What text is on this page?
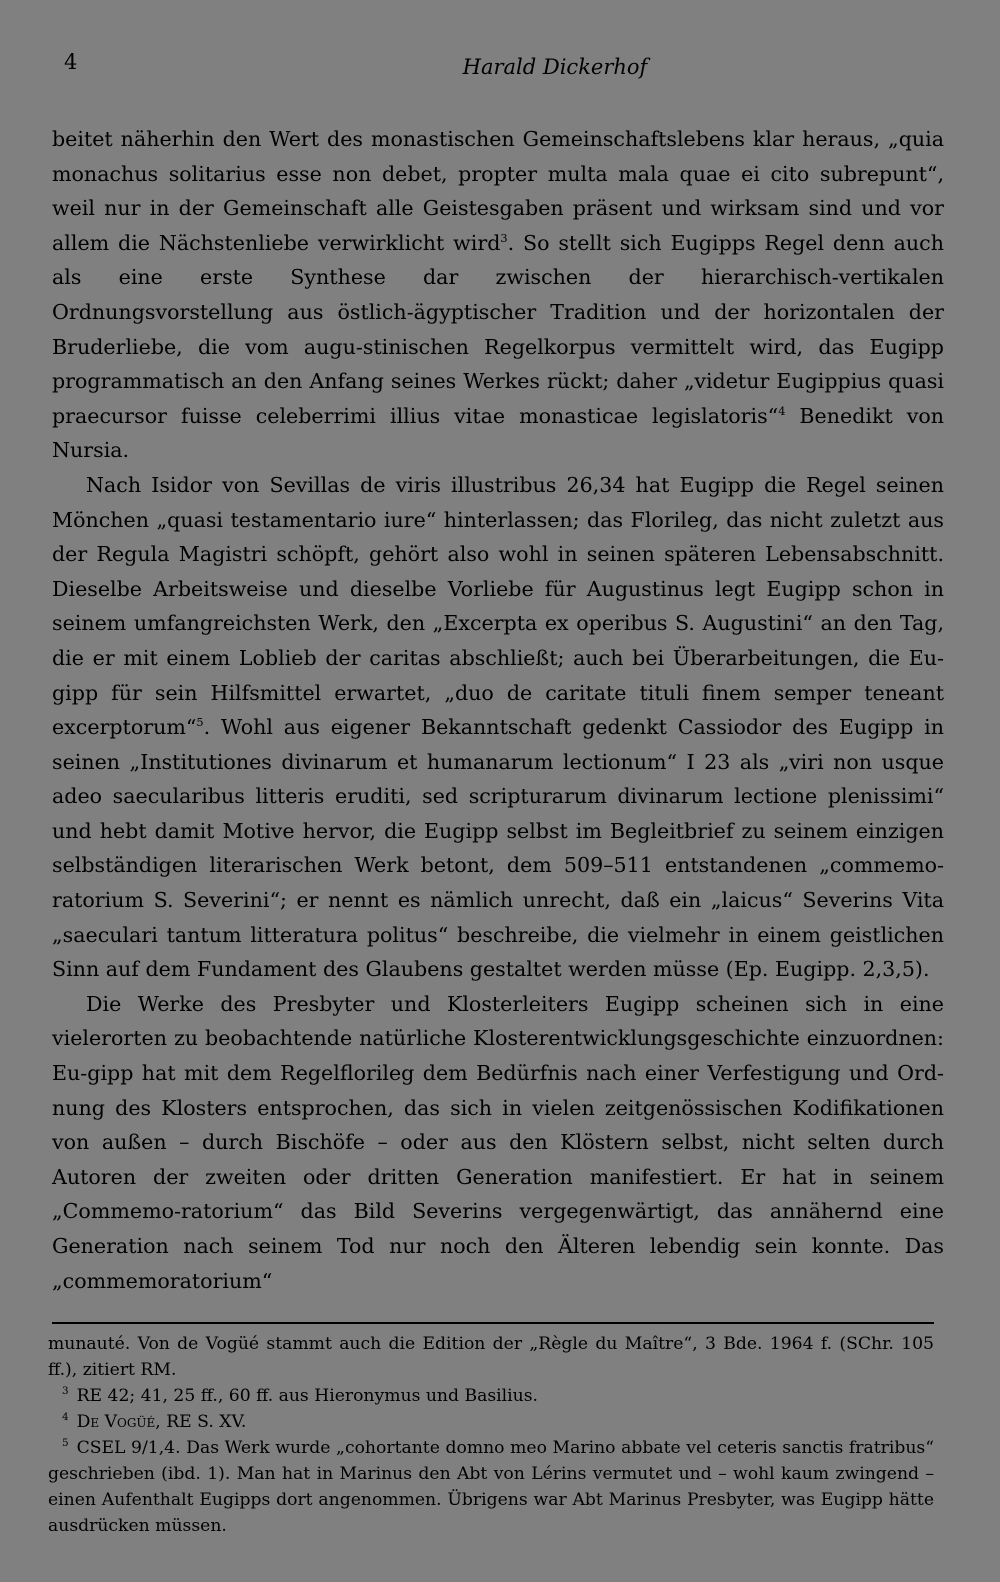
4	Harald Dickerhof

beitet näherhin den Wert des monastischen Gemeinschaftslebens klar heraus, „quia monachus solitarius esse non debet, propter multa mala quae ei cito subrepunt“, weil nur in der Gemeinschaft alle Geistesgaben präsent und wirksam sind und vor allem die Nächstenliebe verwirklicht wird$^3$. So stellt sich Eugipps Regel denn auch als eine erste Synthese dar zwischen der hierarchisch-vertikalen Ordnungsvorstellung aus östlich-ägyptischer Tradition und der horizontalen der Bruderliebe, die vom augu-stinischen Regelkorpus vermittelt wird, das Eugipp programmatisch an den Anfang seines Werkes rückt; daher „videtur Eugippius quasi praecursor fuisse celeberrimi illius vitae monasticae legislatoris“$^4$ Benedikt von Nursia.

Nach Isidor von Sevillas de viris illustribus 26,34 hat Eugipp die Regel seinen Mönchen „quasi testamentario iure“ hinterlassen; das Florileg, das nicht zuletzt aus der Regula Magistri schöpft, gehört also wohl in seinen späteren Lebensabschnitt. Dieselbe Arbeitsweise und dieselbe Vorliebe für Augustinus legt Eugipp schon in seinem umfangreichsten Werk, den „Excerpta ex operibus S. Augustini“ an den Tag, die er mit einem Loblieb der caritas abschließt; auch bei Überarbeitungen, die Eu-gipp für sein Hilfsmittel erwartet, „duo de caritate tituli finem semper teneant excerptorum“$^5$. Wohl aus eigener Bekanntschaft gedenkt Cassiodor des Eugipp in seinen „Institutiones divinarum et humanarum lectionum“ I 23 als „viri non usque adeo saecularibus litteris eruditi, sed scripturarum divinarum lectione plenissimi“ und hebt damit Motive hervor, die Eugipp selbst im Begleitbrief zu seinem einzigen selbständigen literarischen Werk betont, dem 509–511 entstandenen „commemo-ratorium S. Severini“; er nennt es nämlich unrecht, daß ein „laicus“ Severins Vita „saeculari tantum litteratura politus“ beschreibe, die vielmehr in einem geistlichen Sinn auf dem Fundament des Glaubens gestaltet werden müsse (Ep. Eugipp. 2,3,5).

Die Werke des Presbyter und Klosterleiters Eugipp scheinen sich in eine vielerorten zu beobachtende natürliche Klosterentwicklungsgeschichte einzuordnen: Eu-gipp hat mit dem Regelflorileg dem Bedürfnis nach einer Verfestigung und Ord-nung des Klosters entsprochen, das sich in vielen zeitgenössischen Kodifikationen von außen – durch Bischöfe – oder aus den Klöstern selbst, nicht selten durch Autoren der zweiten oder dritten Generation manifestiert. Er hat in seinem „Commemo-ratorium“ das Bild Severins vergegenwärtigt, das annähernd eine Generation nach seinem Tod nur noch den Älteren lebendig sein konnte. Das „commemoratorium“

munauté. Von de Vogüé stammt auch die Edition der „Règle du Maître“, 3 Bde. 1964 f. (SChr. 105 ff.), zitiert RM.

$^3$ RE 42; 41, 25 ff., 60 ff. aus Hieronymus und Basilius.

$^4$ De Vogüé, RE S. XV.

$^5$ CSEL 9/1,4. Das Werk wurde „cohortante domno meo Marino abbate vel ceteris sanctis fratribus“ geschrieben (ibd. 1). Man hat in Marinus den Abt von Lérins vermutet und – wohl kaum zwingend – einen Aufenthalt Eugipps dort angenommen. Übrigens war Abt Marinus Presbyter, was Eugipp hätte ausdrücken müssen.
